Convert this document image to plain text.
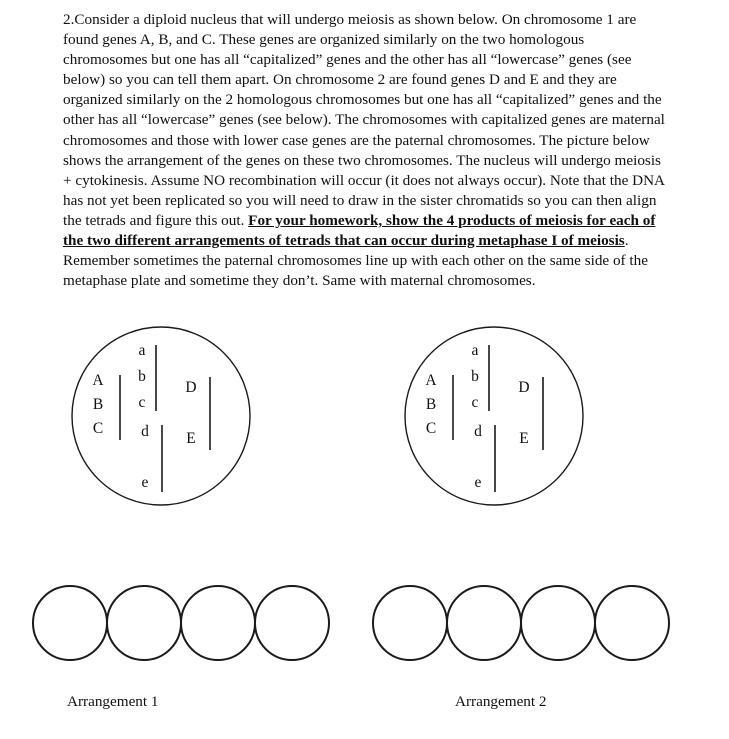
2.Consider a diploid nucleus that will undergo meiosis as shown below. On chromosome 1 are found genes A, B, and C. These genes are organized similarly on the two homologous chromosomes but one has all “capitalized” genes and the other has all “lowercase” genes (see below) so you can tell them apart. On chromosome 2 are found genes D and E and they are organized similarly on the 2 homologous chromosomes but one has all “capitalized” genes and the other has all “lowercase” genes (see below). The chromosomes with capitalized genes are maternal chromosomes and those with lower case genes are the paternal chromosomes. The picture below shows the arrangement of the genes on these two chromosomes. The nucleus will undergo meiosis + cytokinesis. Assume NO recombination will occur (it does not always occur). Note that the DNA has not yet been replicated so you will need to draw in the sister chromatids so you can then align the tetrads and figure this out. For your homework, show the 4 products of meiosis for each of the two different arrangements of tetrads that can occur during metaphase I of meiosis. Remember sometimes the paternal chromosomes line up with each other on the same side of the metaphase plate and sometime they don’t. Same with maternal chromosomes.
A
B
C
a
b
c
d
e
D
E
A
B
C
a
b
c
d
e
D
E
Arrangement 1	Arrangement 2
